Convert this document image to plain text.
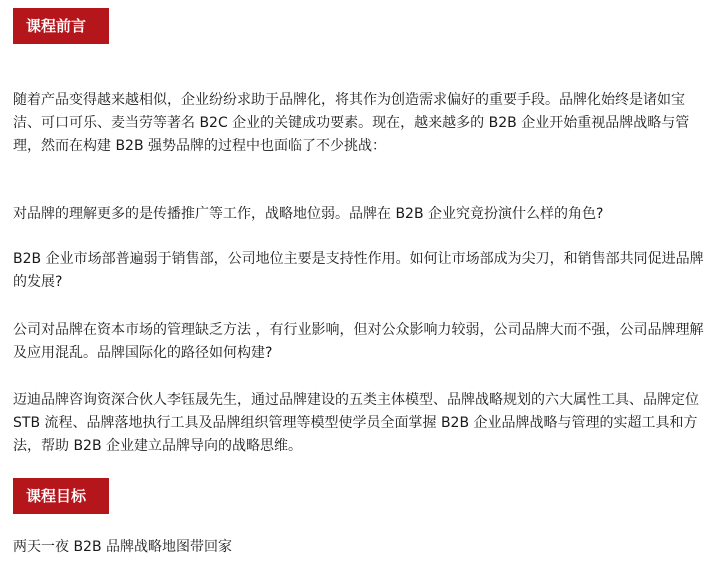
课程前言

随着产品变得越来越相似，企业纷纷求助于品牌化，将其作为创造需求偏好的重要手段。品牌化始终是诸如宝洁、可口可乐、麦当劳等著名 B2C 企业的关键成功要素。现在，越来越多的 B2B 企业开始重视品牌战略与管理，然而在构建 B2B 强势品牌的过程中也面临了不少挑战：

对品牌的理解更多的是传播推广等工作，战略地位弱。品牌在 B2B 企业究竟扮演什么样的角色?

B2B 企业市场部普遍弱于销售部，公司地位主要是支持性作用。如何让市场部成为尖刀，和销售部共同促进品牌的发展?

公司对品牌在资本市场的管理缺乏方法 ，有行业影响，但对公众影响力较弱，公司品牌大而不强，公司品牌理解及应用混乱。品牌国际化的路径如何构建?

迈迪品牌咨询资深合伙人李钰晟先生，通过品牌建设的五类主体模型、品牌战略规划的六大属性工具、品牌定位 STB 流程、品牌落地执行工具及品牌组织管理等模型使学员全面掌握 B2B 企业品牌战略与管理的实超工具和方法，帮助 B2B 企业建立品牌导向的战略思维。

课程目标

两天一夜 B2B 品牌战略地图带回家
